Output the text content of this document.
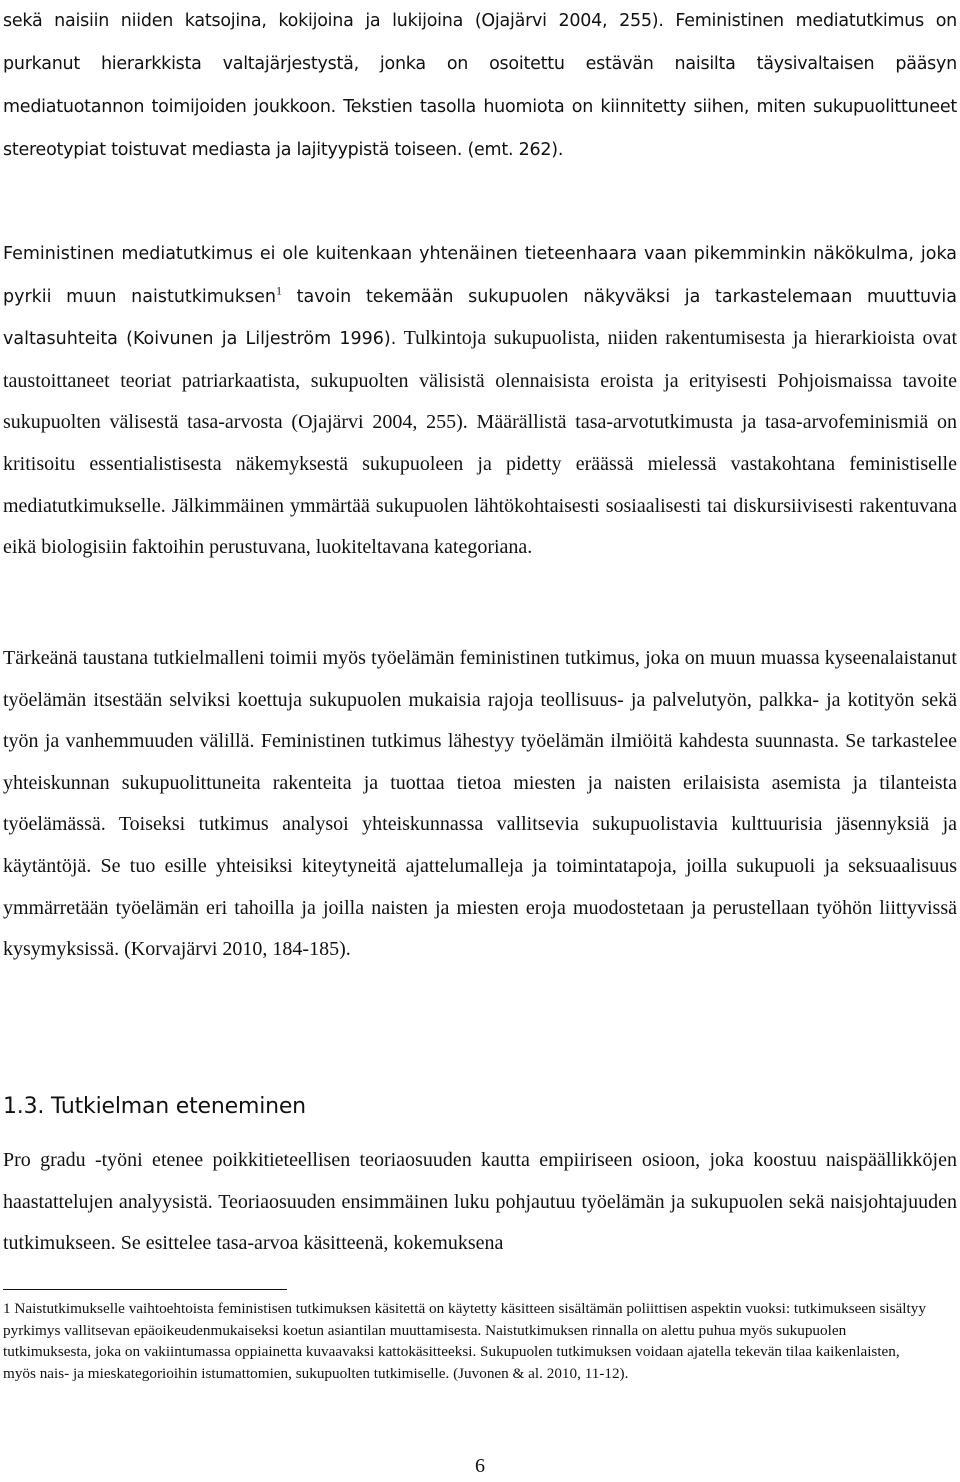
sekä naisiin niiden katsojina, kokijoina ja lukijoina (Ojajärvi 2004, 255). Feministinen mediatutkimus on purkanut hierarkkista valtajärjestystä, jonka on osoitettu estävän naisilta täysivaltaisen pääsyn mediatuotannon toimijoiden joukkoon. Tekstien tasolla huomiota on kiinnitetty siihen, miten sukupuolittuneet stereotypiat toistuvat mediasta ja lajityypistä toiseen. (emt. 262).

Feministinen mediatutkimus ei ole kuitenkaan yhtenäinen tieteenhaara vaan pikemminkin näkökulma, joka pyrkii muun naistutkimuksen$^1$ tavoin tekemään sukupuolen näkyväksi ja tarkastelemaan muuttuvia valtasuhteita (Koivunen ja Liljeström 1996). Tulkintoja sukupuolista, niiden rakentumisesta ja hierarkioista ovat taustoittaneet teoriat patriarkaatista, sukupuolten välisistä olennaisista eroista ja erityisesti Pohjoismaissa tavoite sukupuolten välisestä tasa-arvosta (Ojajärvi 2004, 255). Määrällistä tasa-arvotutkimusta ja tasa-arvofeminismiä on kritisoitu essentialistisesta näkemyksestä sukupuoleen ja pidetty eräässä mielessä vastakohtana feministiselle mediatutkimukselle. Jälkimmäinen ymmärtää sukupuolen lähtökohtaisesti sosiaalisesti tai diskursiivisesti rakentuvana eikä biologisiin faktoihin perustuvana, luokiteltavana kategoriana.

Tärkeänä taustana tutkielmalleni toimii myös työelämän feministinen tutkimus, joka on muun muassa kyseenalaistanut työelämän itsestään selviksi koettuja sukupuolen mukaisia rajoja teollisuus- ja palvelutyön, palkka- ja kotityön sekä työn ja vanhemmuuden välillä. Feministinen tutkimus lähestyy työelämän ilmiöitä kahdesta suunnasta. Se tarkastelee yhteiskunnan sukupuolittuneita rakenteita ja tuottaa tietoa miesten ja naisten erilaisista asemista ja tilanteista työelämässä. Toiseksi tutkimus analysoi yhteiskunnassa vallitsevia sukupuolistavia kulttuurisia jäsennyksiä ja käytäntöjä. Se tuo esille yhteisiksi kiteytyneitä ajattelumalleja ja toimintatapoja, joilla sukupuoli ja seksuaalisuus ymmärretään työelämän eri tahoilla ja joilla naisten ja miesten eroja muodostetaan ja perustellaan työhön liittyvissä kysymyksissä. (Korvajärvi 2010, 184-185).

1.3. Tutkielman eteneminen

Pro gradu -työni etenee poikkitieteellisen teoriaosuuden kautta empiiriseen osioon, joka koostuu naispäällikköjen haastattelujen analyysistä. Teoriaosuuden ensimmäinen luku pohjautuu työelämän ja sukupuolen sekä naisjohtajuuden tutkimukseen. Se esittelee tasa-arvoa käsitteenä, kokemuksena

1 Naistutkimukselle vaihtoehtoista feministisen tutkimuksen käsitettä on käytetty käsitteen sisältämän poliittisen aspektin vuoksi: tutkimukseen sisältyy pyrkimys vallitsevan epäoikeudenmukaiseksi koetun asiantilan muuttamisesta. Naistutkimuksen rinnalla on alettu puhua myös sukupuolen tutkimuksesta, joka on vakiintumassa oppiainetta kuvaavaksi kattokäsitteeksi. Sukupuolen tutkimuksen voidaan ajatella tekevän tilaa kaikenlaisten, myös nais- ja mieskategorioihin istumattomien, sukupuolten tutkimiselle. (Juvonen & al. 2010, 11-12).

6
